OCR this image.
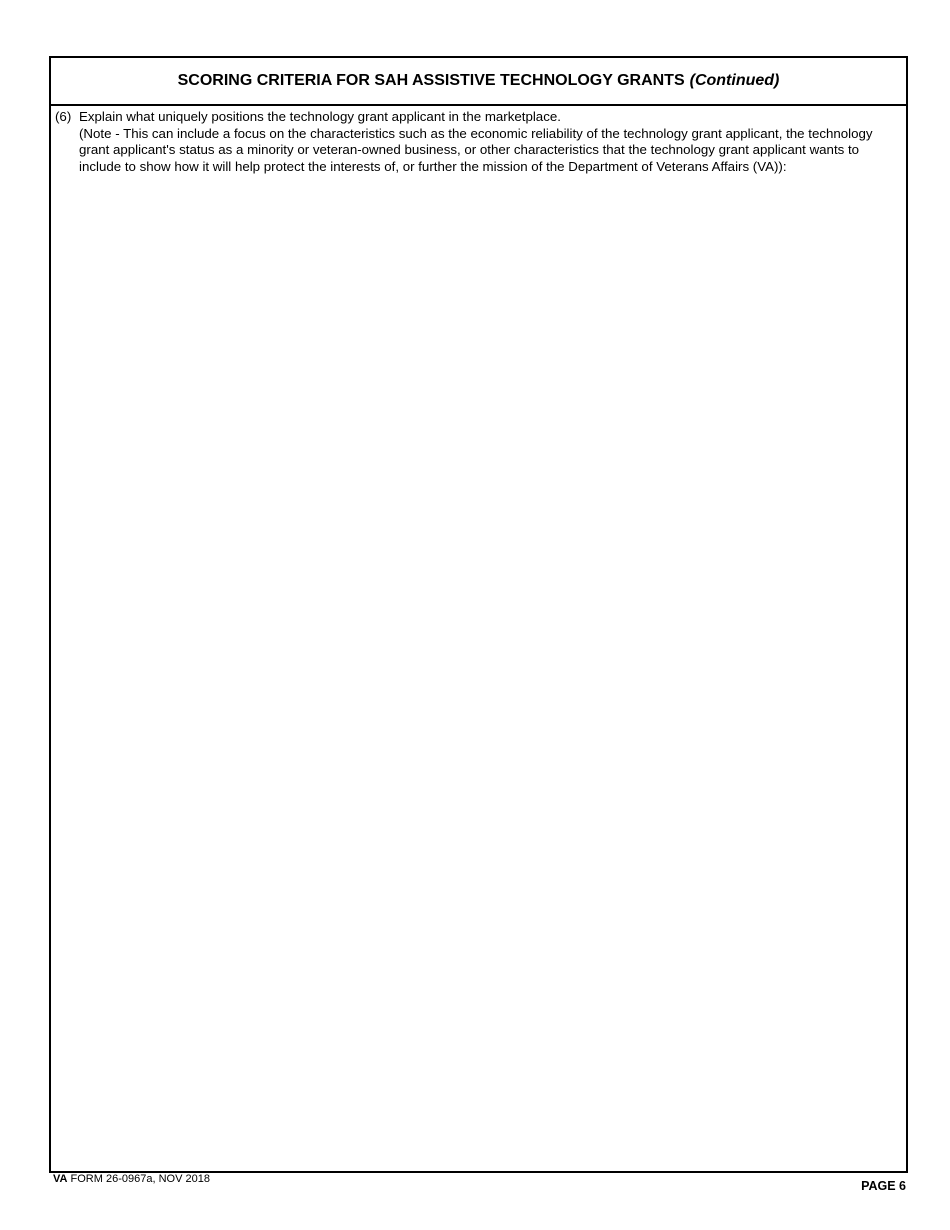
SCORING CRITERIA FOR SAH ASSISTIVE TECHNOLOGY GRANTS (Continued)
(6) Explain what uniquely positions the technology grant applicant in the marketplace.
(Note - This can include a focus on the characteristics such as the economic reliability of the technology grant applicant, the technology grant applicant's status as a minority or veteran-owned business, or other characteristics that the technology grant applicant wants to include to show how it will help protect the interests of, or further the mission of the Department of Veterans Affairs (VA)):
VA FORM 26-0967a, NOV 2018	PAGE 6
